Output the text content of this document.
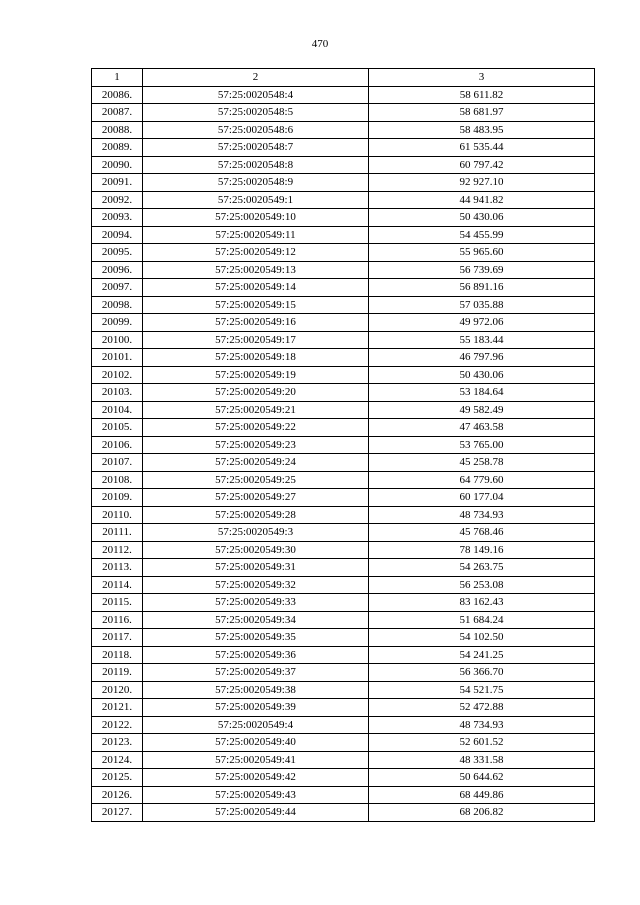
470
1	2	3
20086.	57:25:0020548:4	58 611.82
20087.	57:25:0020548:5	58 681.97
20088.	57:25:0020548:6	58 483.95
20089.	57:25:0020548:7	61 535.44
20090.	57:25:0020548:8	60 797.42
20091.	57:25:0020548:9	92 927.10
20092.	57:25:0020549:1	44 941.82
20093.	57:25:0020549:10	50 430.06
20094.	57:25:0020549:11	54 455.99
20095.	57:25:0020549:12	55 965.60
20096.	57:25:0020549:13	56 739.69
20097.	57:25:0020549:14	56 891.16
20098.	57:25:0020549:15	57 035.88
20099.	57:25:0020549:16	49 972.06
20100.	57:25:0020549:17	55 183.44
20101.	57:25:0020549:18	46 797.96
20102.	57:25:0020549:19	50 430.06
20103.	57:25:0020549:20	53 184.64
20104.	57:25:0020549:21	49 582.49
20105.	57:25:0020549:22	47 463.58
20106.	57:25:0020549:23	53 765.00
20107.	57:25:0020549:24	45 258.78
20108.	57:25:0020549:25	64 779.60
20109.	57:25:0020549:27	60 177.04
20110.	57:25:0020549:28	48 734.93
20111.	57:25:0020549:3	45 768.46
20112.	57:25:0020549:30	78 149.16
20113.	57:25:0020549:31	54 263.75
20114.	57:25:0020549:32	56 253.08
20115.	57:25:0020549:33	83 162.43
20116.	57:25:0020549:34	51 684.24
20117.	57:25:0020549:35	54 102.50
20118.	57:25:0020549:36	54 241.25
20119.	57:25:0020549:37	56 366.70
20120.	57:25:0020549:38	54 521.75
20121.	57:25:0020549:39	52 472.88
20122.	57:25:0020549:4	48 734.93
20123.	57:25:0020549:40	52 601.52
20124.	57:25:0020549:41	48 331.58
20125.	57:25:0020549:42	50 644.62
20126.	57:25:0020549:43	68 449.86
20127.	57:25:0020549:44	68 206.82
